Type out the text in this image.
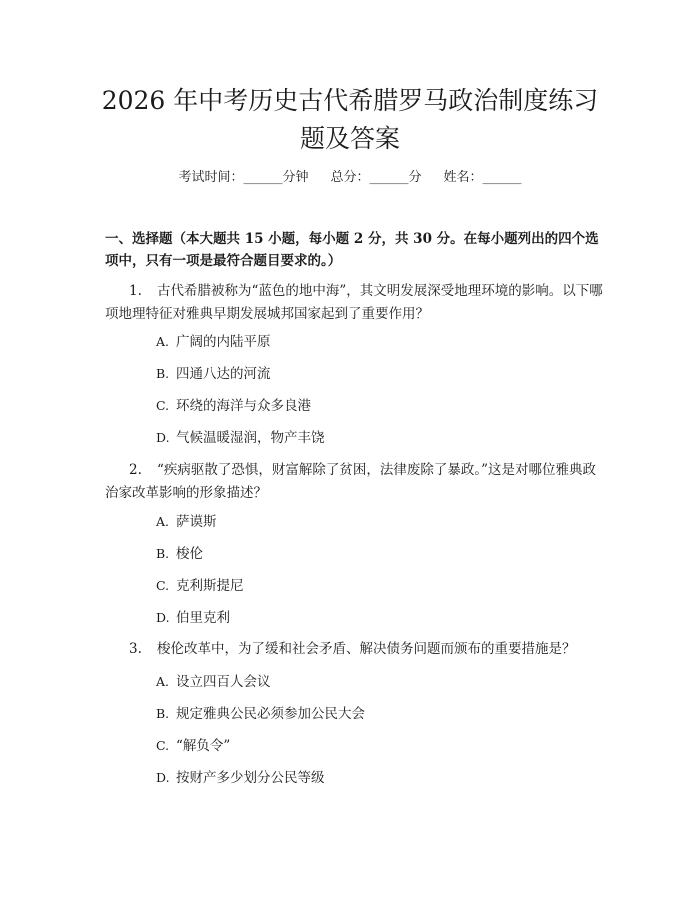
2026 年中考历史古代希腊罗马政治制度练习题及答案
考试时间：______分钟 总分：______分 姓名：______

一、选择题（本大题共 15 小题，每小题 2 分，共 30 分。在每小题列出的四个选项中，只有一项是最符合题目要求的。）

1. 古代希腊被称为“蓝色的地中海”，其文明发展深受地理环境的影响。以下哪项地理特征对雅典早期发展城邦国家起到了重要作用？

A. 广阔的内陆平原
B. 四通八达的河流
C. 环绕的海洋与众多良港
D. 气候温暖湿润，物产丰饶

2. “疾病驱散了恐惧，财富解除了贫困，法律废除了暴政。”这是对哪位雅典政治家改革影响的形象描述？

A. 萨谟斯
B. 梭伦
C. 克利斯提尼
D. 伯里克利

3. 梭伦改革中，为了缓和社会矛盾、解决债务问题而颁布的重要措施是？

A. 设立四百人会议
B. 规定雅典公民必须参加公民大会
C. “解负令”
D. 按财产多少划分公民等级
